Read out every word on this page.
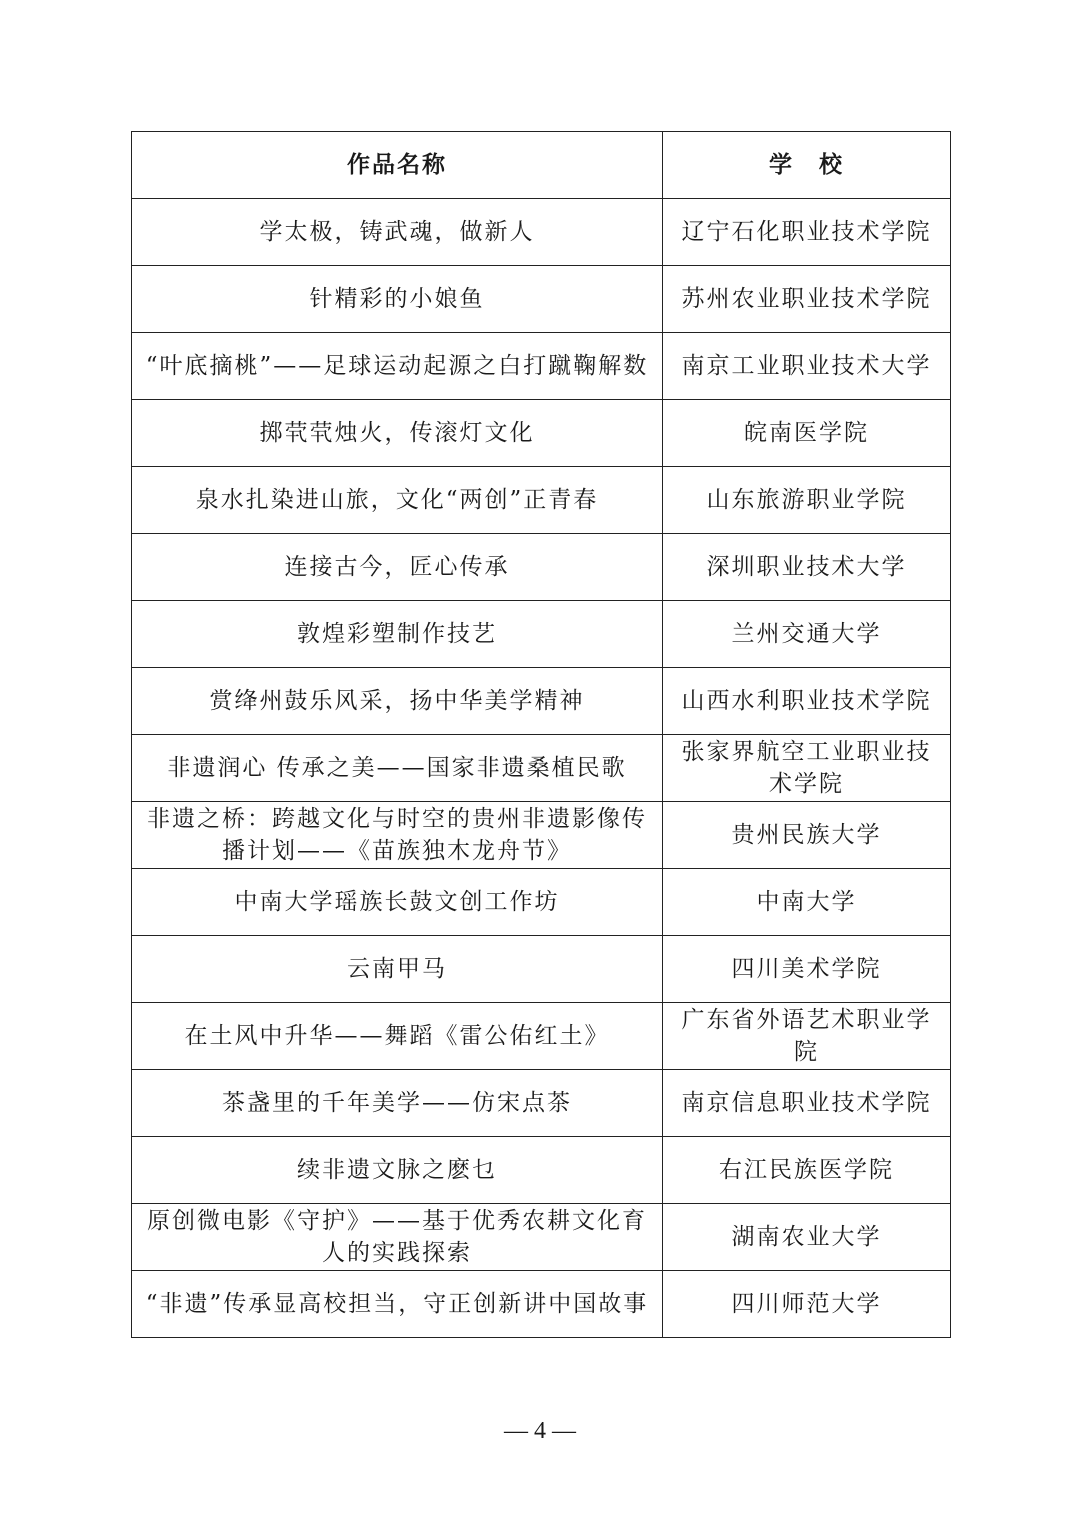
作品名称	学　校
学太极，铸武魂，做新人	辽宁石化职业技术学院
针精彩的小娘鱼	苏州农业职业技术学院
“叶底摘桃”——足球运动起源之白打蹴鞠解数	南京工业职业技术大学
掷茕茕烛火，传滚灯文化	皖南医学院
泉水扎染进山旅，文化“两创”正青春	山东旅游职业学院
连接古今，匠心传承	深圳职业技术大学
敦煌彩塑制作技艺	兰州交通大学
赏绛州鼓乐风采，扬中华美学精神	山西水利职业技术学院
非遗润心 传承之美——国家非遗桑植民歌	张家界航空工业职业技术学院
非遗之桥：跨越文化与时空的贵州非遗影像传播计划——《苗族独木龙舟节》	贵州民族大学
中南大学瑶族长鼓文创工作坊	中南大学
云南甲马	四川美术学院
在土风中升华——舞蹈《雷公佑红土》	广东省外语艺术职业学院
茶盏里的千年美学——仿宋点茶	南京信息职业技术学院
续非遗文脉之麽乜	右江民族医学院
原创微电影《守护》——基于优秀农耕文化育人的实践探索	湖南农业大学
“非遗”传承显高校担当，守正创新讲中国故事	四川师范大学
— 4 —
